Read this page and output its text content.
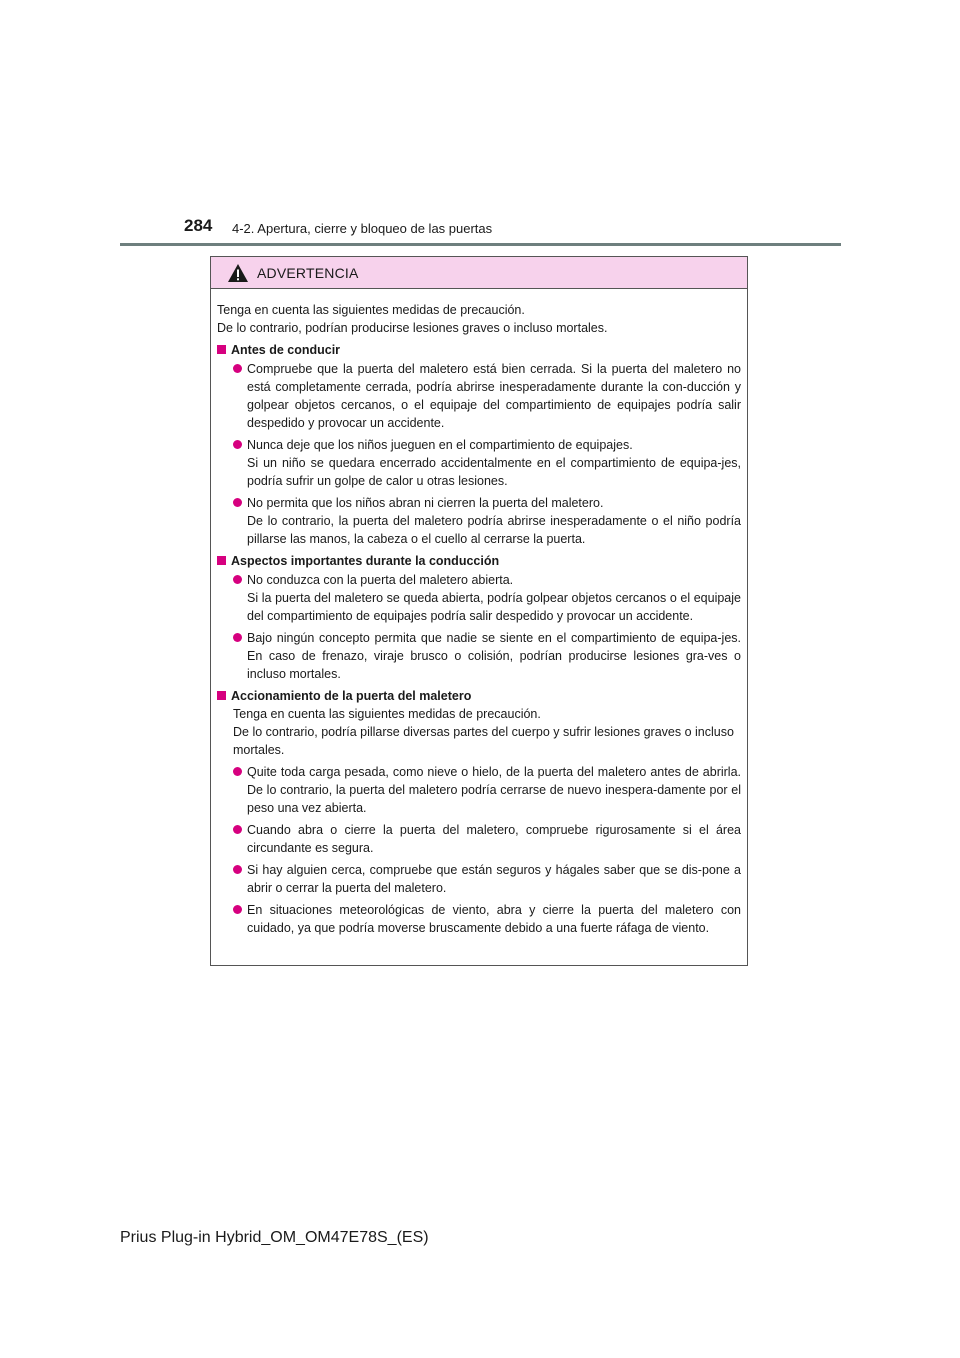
284 4-2. Apertura, cierre y bloqueo de las puertas
ADVERTENCIA

Tenga en cuenta las siguientes medidas de precaución.

De lo contrario, podrían producirse lesiones graves o incluso mortales.

Antes de conducir

Compruebe que la puerta del maletero está bien cerrada. Si la puerta del maletero no está completamente cerrada, podría abrirse inesperadamente durante la con-ducción y golpear objetos cercanos, o el equipaje del compartimiento de equipajes podría salir despedido y provocar un accidente.

Nunca deje que los niños jueguen en el compartimiento de equipajes.

Si un niño se quedara encerrado accidentalmente en el compartimiento de equipa-jes, podría sufrir un golpe de calor u otras lesiones.

No permita que los niños abran ni cierren la puerta del maletero.

De lo contrario, la puerta del maletero podría abrirse inesperadamente o el niño podría pillarse las manos, la cabeza o el cuello al cerrarse la puerta.

Aspectos importantes durante la conducción

No conduzca con la puerta del maletero abierta.

Si la puerta del maletero se queda abierta, podría golpear objetos cercanos o el equipaje del compartimiento de equipajes podría salir despedido y provocar un accidente.

Bajo ningún concepto permita que nadie se siente en el compartimiento de equipa-jes. En caso de frenazo, viraje brusco o colisión, podrían producirse lesiones gra-ves o incluso mortales.

Accionamiento de la puerta del maletero

Tenga en cuenta las siguientes medidas de precaución.

De lo contrario, podría pillarse diversas partes del cuerpo y sufrir lesiones graves o incluso mortales.

Quite toda carga pesada, como nieve o hielo, de la puerta del maletero antes de abrirla. De lo contrario, la puerta del maletero podría cerrarse de nuevo inespera-damente por el peso una vez abierta.

Cuando abra o cierre la puerta del maletero, compruebe rigurosamente si el área circundante es segura.

Si hay alguien cerca, compruebe que están seguros y hágales saber que se dis-pone a abrir o cerrar la puerta del maletero.

En situaciones meteorológicas de viento, abra y cierre la puerta del maletero con cuidado, ya que podría moverse bruscamente debido a una fuerte ráfaga de viento.

Prius Plug-in Hybrid_OM_OM47E78S_(ES)
